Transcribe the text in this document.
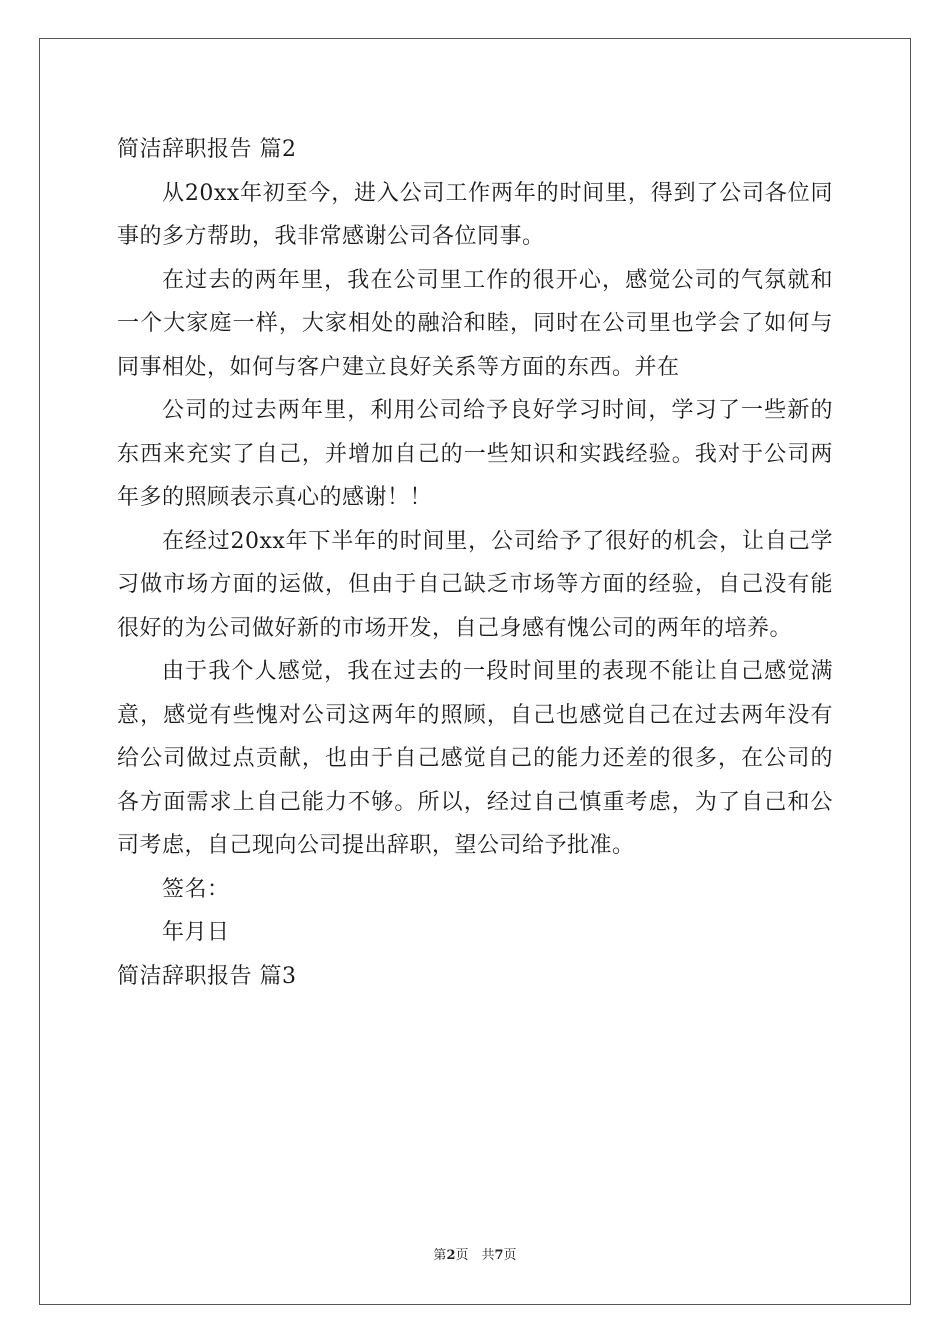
简洁辞职报告 篇2

从20xx年初至今，进入公司工作两年的时间里，得到了公司各位同事的多方帮助，我非常感谢公司各位同事。

在过去的两年里，我在公司里工作的很开心，感觉公司的气氛就和一个大家庭一样，大家相处的融洽和睦，同时在公司里也学会了如何与同事相处，如何与客户建立良好关系等方面的东西。并在

公司的过去两年里，利用公司给予良好学习时间，学习了一些新的东西来充实了自己，并增加自己的一些知识和实践经验。我对于公司两年多的照顾表示真心的感谢！！

在经过20xx年下半年的时间里，公司给予了很好的机会，让自己学习做市场方面的运做，但由于自己缺乏市场等方面的经验，自己没有能很好的为公司做好新的市场开发，自己身感有愧公司的两年的培养。

由于我个人感觉，我在过去的一段时间里的表现不能让自己感觉满意，感觉有些愧对公司这两年的照顾，自己也感觉自己在过去两年没有给公司做过点贡献，也由于自己感觉自己的能力还差的很多，在公司的各方面需求上自己能力不够。所以，经过自己慎重考虑，为了自己和公司考虑，自己现向公司提出辞职，望公司给予批准。

签名：

年月日

简洁辞职报告 篇3
第2页　共7页
